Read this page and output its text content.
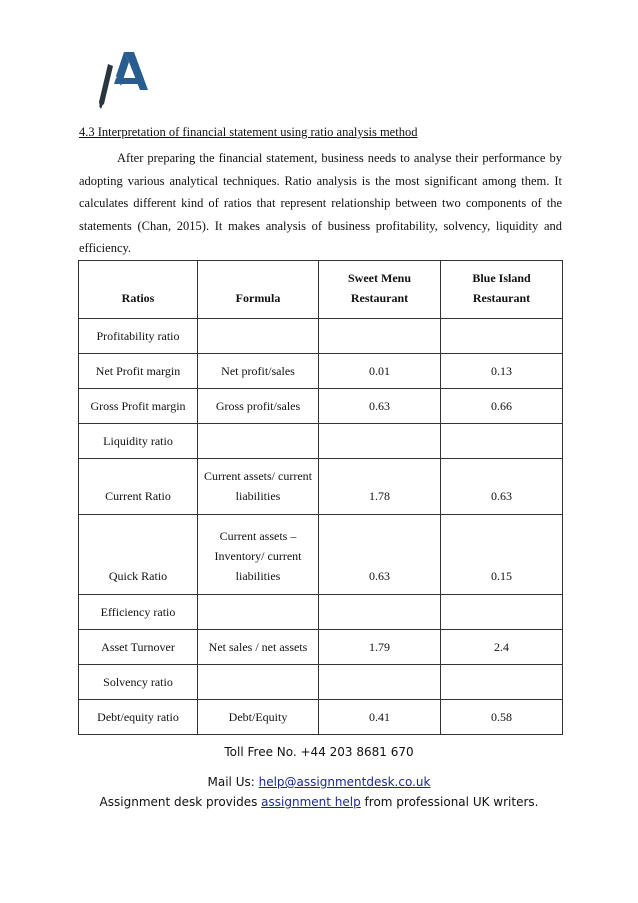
4.3 Interpretation of financial statement using ratio analysis method

After preparing the financial statement, business needs to analyse their performance by adopting various analytical techniques. Ratio analysis is the most significant among them. It calculates different kind of ratios that represent relationship between two components of the statements (Chan, 2015). It makes analysis of business profitability, solvency, liquidity and efficiency.

Ratios	Formula	Sweet Menu Restaurant	Blue Island Restaurant
Profitability ratio			
Net Profit margin	Net profit/sales	0.01	0.13
Gross Profit margin	Gross profit/sales	0.63	0.66
Liquidity ratio			
Current Ratio	Current assets/ current liabilities	1.78	0.63
Quick Ratio	Current assets – Inventory/ current liabilities	0.63	0.15
Efficiency ratio			
Asset Turnover	Net sales / net assets	1.79	2.4
Solvency ratio			
Debt/equity ratio	Debt/Equity	0.41	0.58
Toll Free No. +44 203 8681 670
Mail Us: help@assignmentdesk.co.uk
Assignment desk provides assignment help from professional UK writers.
